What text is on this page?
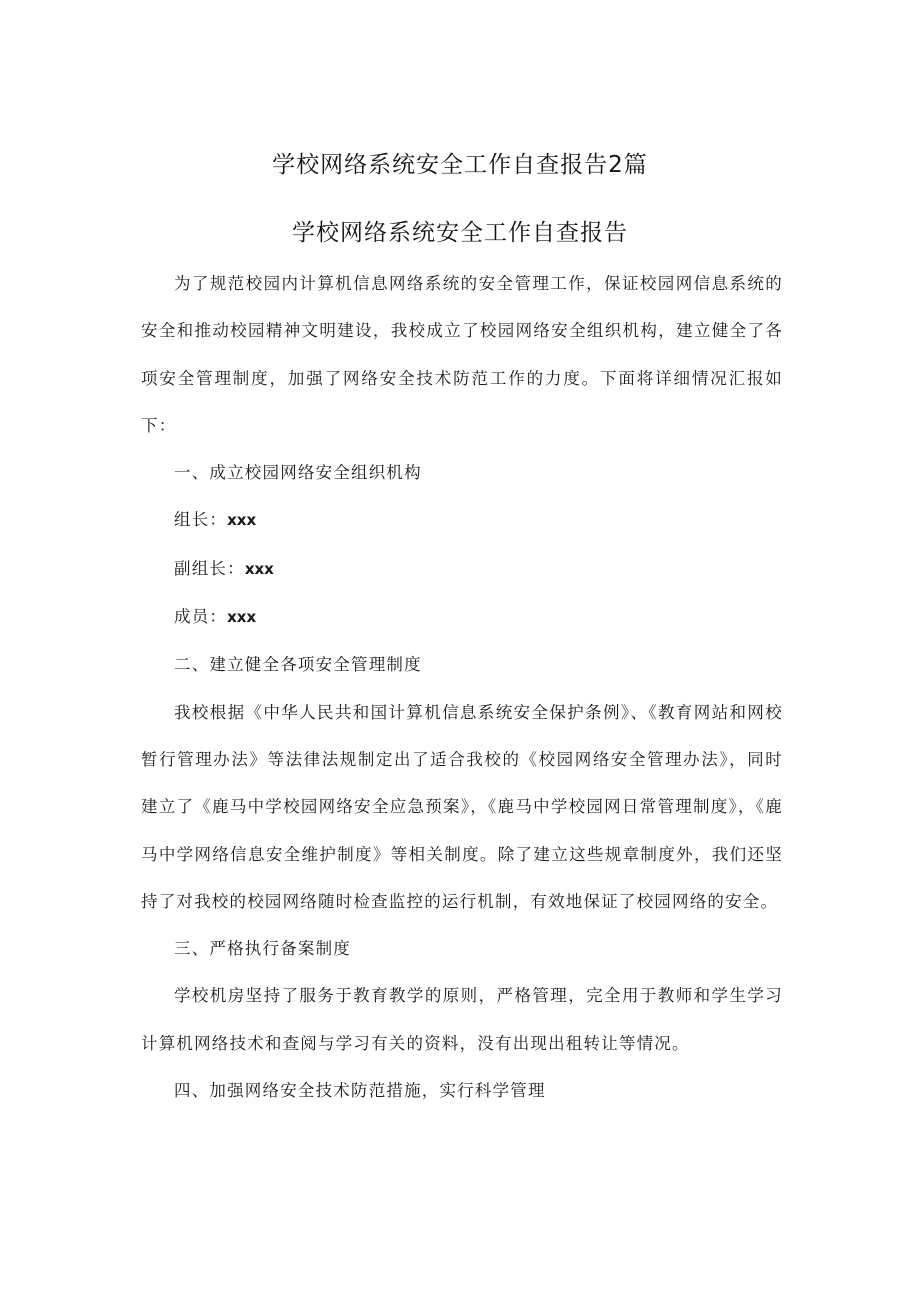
学校网络系统安全工作自查报告2篇
学校网络系统安全工作自查报告

为了规范校园内计算机信息网络系统的安全管理工作，保证校园网信息系统的安全和推动校园精神文明建设，我校成立了校园网络安全组织机构，建立健全了各项安全管理制度，加强了网络安全技术防范工作的力度。下面将详细情况汇报如下：

一、成立校园网络安全组织机构

组长：xxx

副组长：xxx

成员：xxx

二、建立健全各项安全管理制度

我校根据《中华人民共和国计算机信息系统安全保护条例》、《教育网站和网校暂行管理办法》等法律法规制定出了适合我校的《校园网络安全管理办法》，同时建立了《鹿马中学校园网络安全应急预案》，《鹿马中学校园网日常管理制度》，《鹿马中学网络信息安全维护制度》等相关制度。除了建立这些规章制度外，我们还坚持了对我校的校园网络随时检查监控的运行机制，有效地保证了校园网络的安全。

三、严格执行备案制度

学校机房坚持了服务于教育教学的原则，严格管理，完全用于教师和学生学习计算机网络技术和查阅与学习有关的资料，没有出现出租转让等情况。

四、加强网络安全技术防范措施，实行科学管理
